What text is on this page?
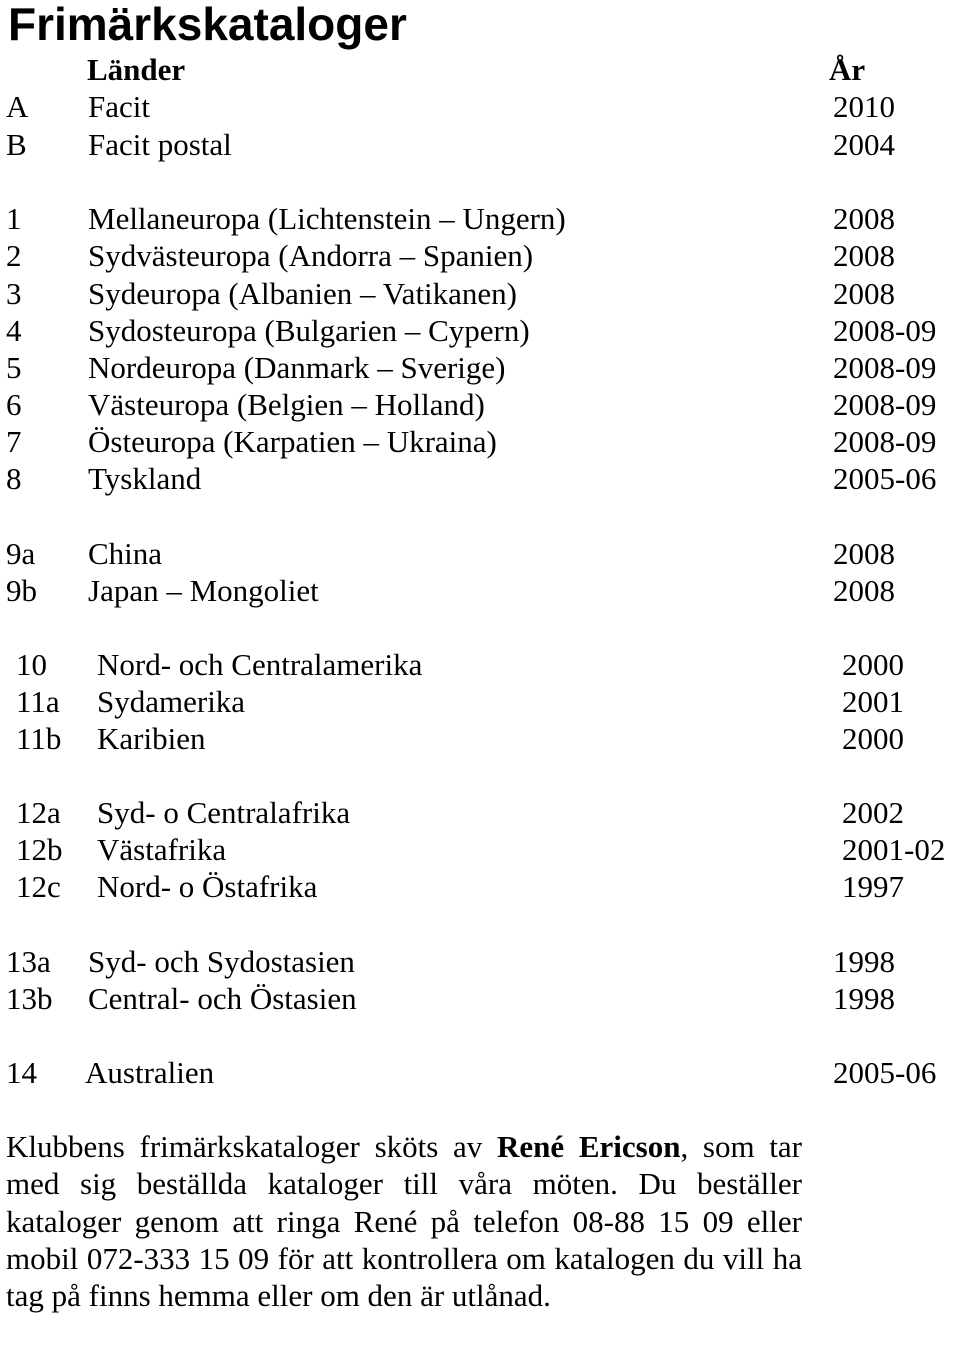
Frimärkskataloger
Länder	År
A Facit	2010
B Facit postal	2004
1 Mellaneuropa (Lichtenstein – Ungern)	2008
2 Sydvästeuropa (Andorra – Spanien)	2008
3 Sydeuropa (Albanien – Vatikanen)	2008
4 Sydosteuropa (Bulgarien – Cypern)	2008-09
5 Nordeuropa (Danmark – Sverige)	2008-09
6 Västeuropa (Belgien – Holland)	2008-09
7 Östeuropa (Karpatien – Ukraina)	2008-09
8 Tyskland	2005-06
9a China	2008
9b Japan – Mongoliet	2008
10 Nord- och Centralamerika	2000
11a Sydamerika	2001
11b Karibien	2000
12a Syd- o Centralafrika	2002
12b Västafrika	2001-02
12c Nord- o Östafrika	1997
13a Syd- och Sydostasien	1998
13b Central- och Östasien	1998
14 Australien	2005-06

Klubbens frimärkskataloger sköts av René Ericson, som tar med sig beställda kataloger till våra möten. Du beställer kataloger genom att ringa René på telefon 08-88 15 09 eller mobil 072-333 15 09 för att kontrollera om katalogen du vill ha tag på finns hemma eller om den är utlånad.
